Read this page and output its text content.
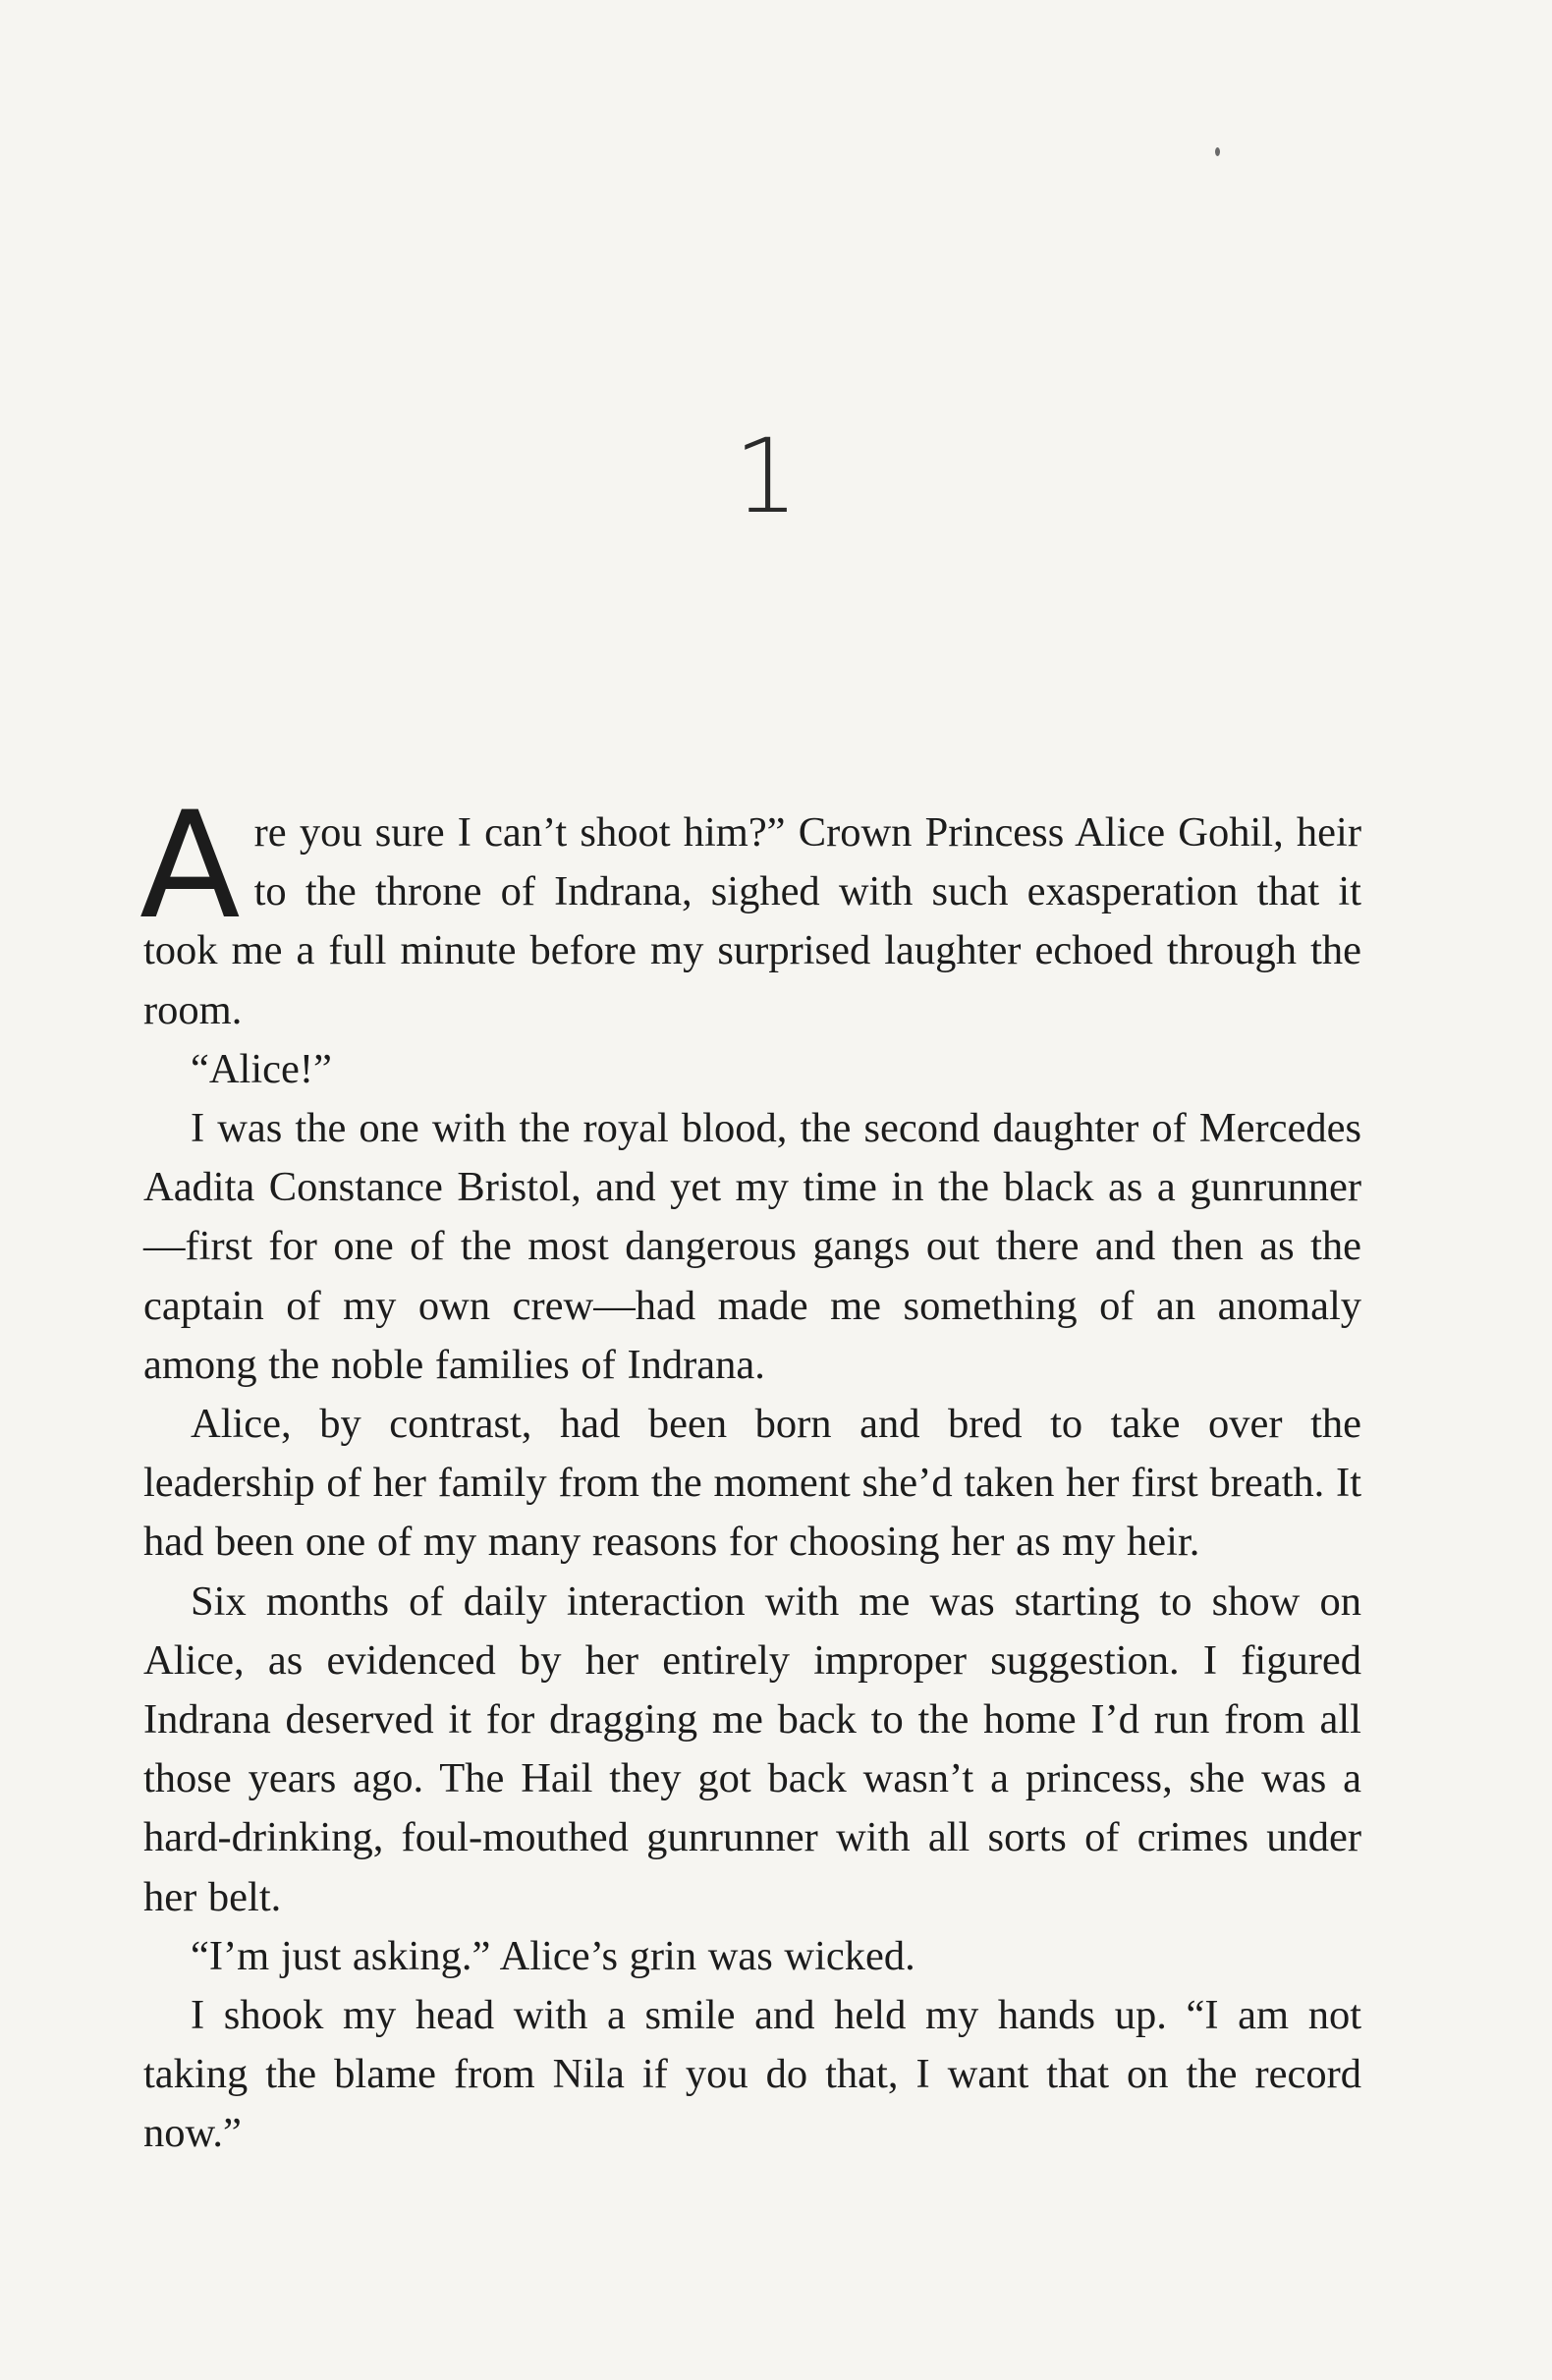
1

Are you sure I can’t shoot him?” Crown Princess Alice Gohil, heir to the throne of Indrana, sighed with such exasperation that it took me a full minute before my surprised laughter echoed through the room.

“Alice!”

I was the one with the royal blood, the second daughter of Mercedes Aadita Constance Bristol, and yet my time in the black as a gunrunner—first for one of the most dangerous gangs out there and then as the captain of my own crew—had made me something of an anomaly among the noble families of Indrana.

Alice, by contrast, had been born and bred to take over the leadership of her family from the moment she’d taken her first breath. It had been one of my many reasons for choosing her as my heir.

Six months of daily interaction with me was starting to show on Alice, as evidenced by her entirely improper suggestion. I figured Indrana deserved it for dragging me back to the home I’d run from all those years ago. The Hail they got back wasn’t a princess, she was a hard-drinking, foul-mouthed gunrunner with all sorts of crimes under her belt.

“I’m just asking.” Alice’s grin was wicked.

I shook my head with a smile and held my hands up. “I am not taking the blame from Nila if you do that, I want that on the record now.”
